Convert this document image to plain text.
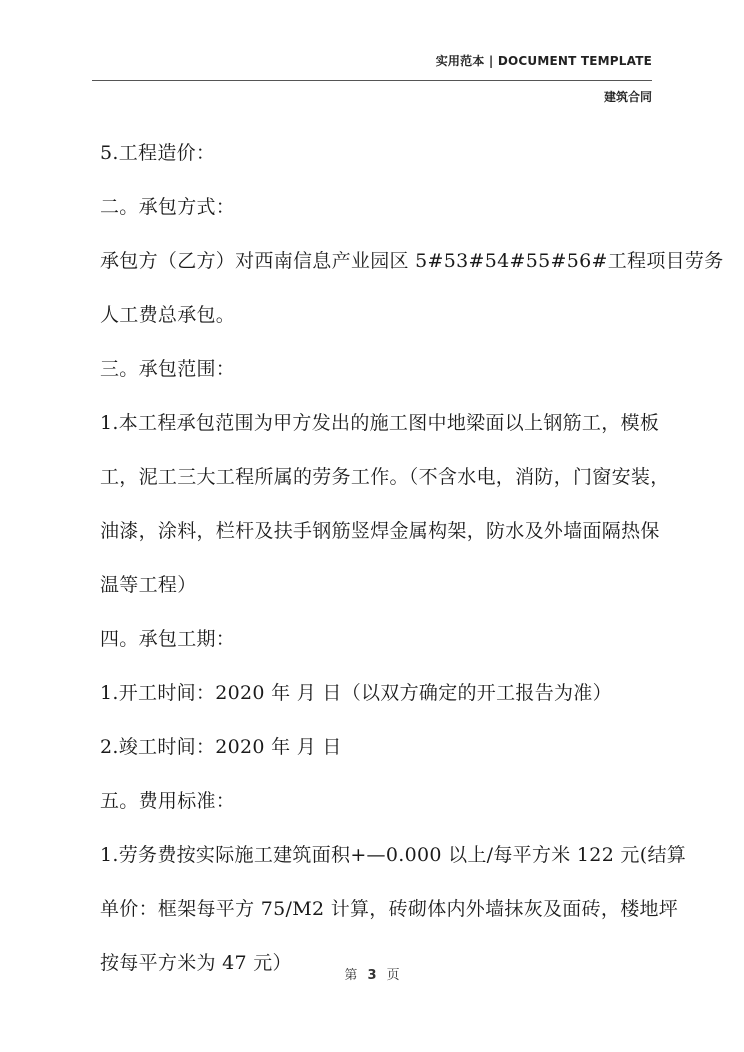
实用范本 | DOCUMENT TEMPLATE
建筑合同
5.工程造价：
二。承包方式：
承包方（乙方）对西南信息产业园区 5#53#54#55#56#工程项目劳务
人工费总承包。
三。承包范围：
1.本工程承包范围为甲方发出的施工图中地梁面以上钢筋工，模板
工，泥工三大工程所属的劳务工作。（不含水电，消防，门窗安装，
油漆，涂料，栏杆及扶手钢筋竖焊金属构架，防水及外墙面隔热保
温等工程）
四。承包工期：
1.开工时间：2020 年 月 日（以双方确定的开工报告为准）
2.竣工时间：2020 年 月 日
五。费用标准：
1.劳务费按实际施工建筑面积+—0.000 以上/每平方米 122 元(结算
单价：框架每平方 75/M2 计算，砖砌体内外墙抹灰及面砖，楼地坪
按每平方米为 47 元）
第 3 页
